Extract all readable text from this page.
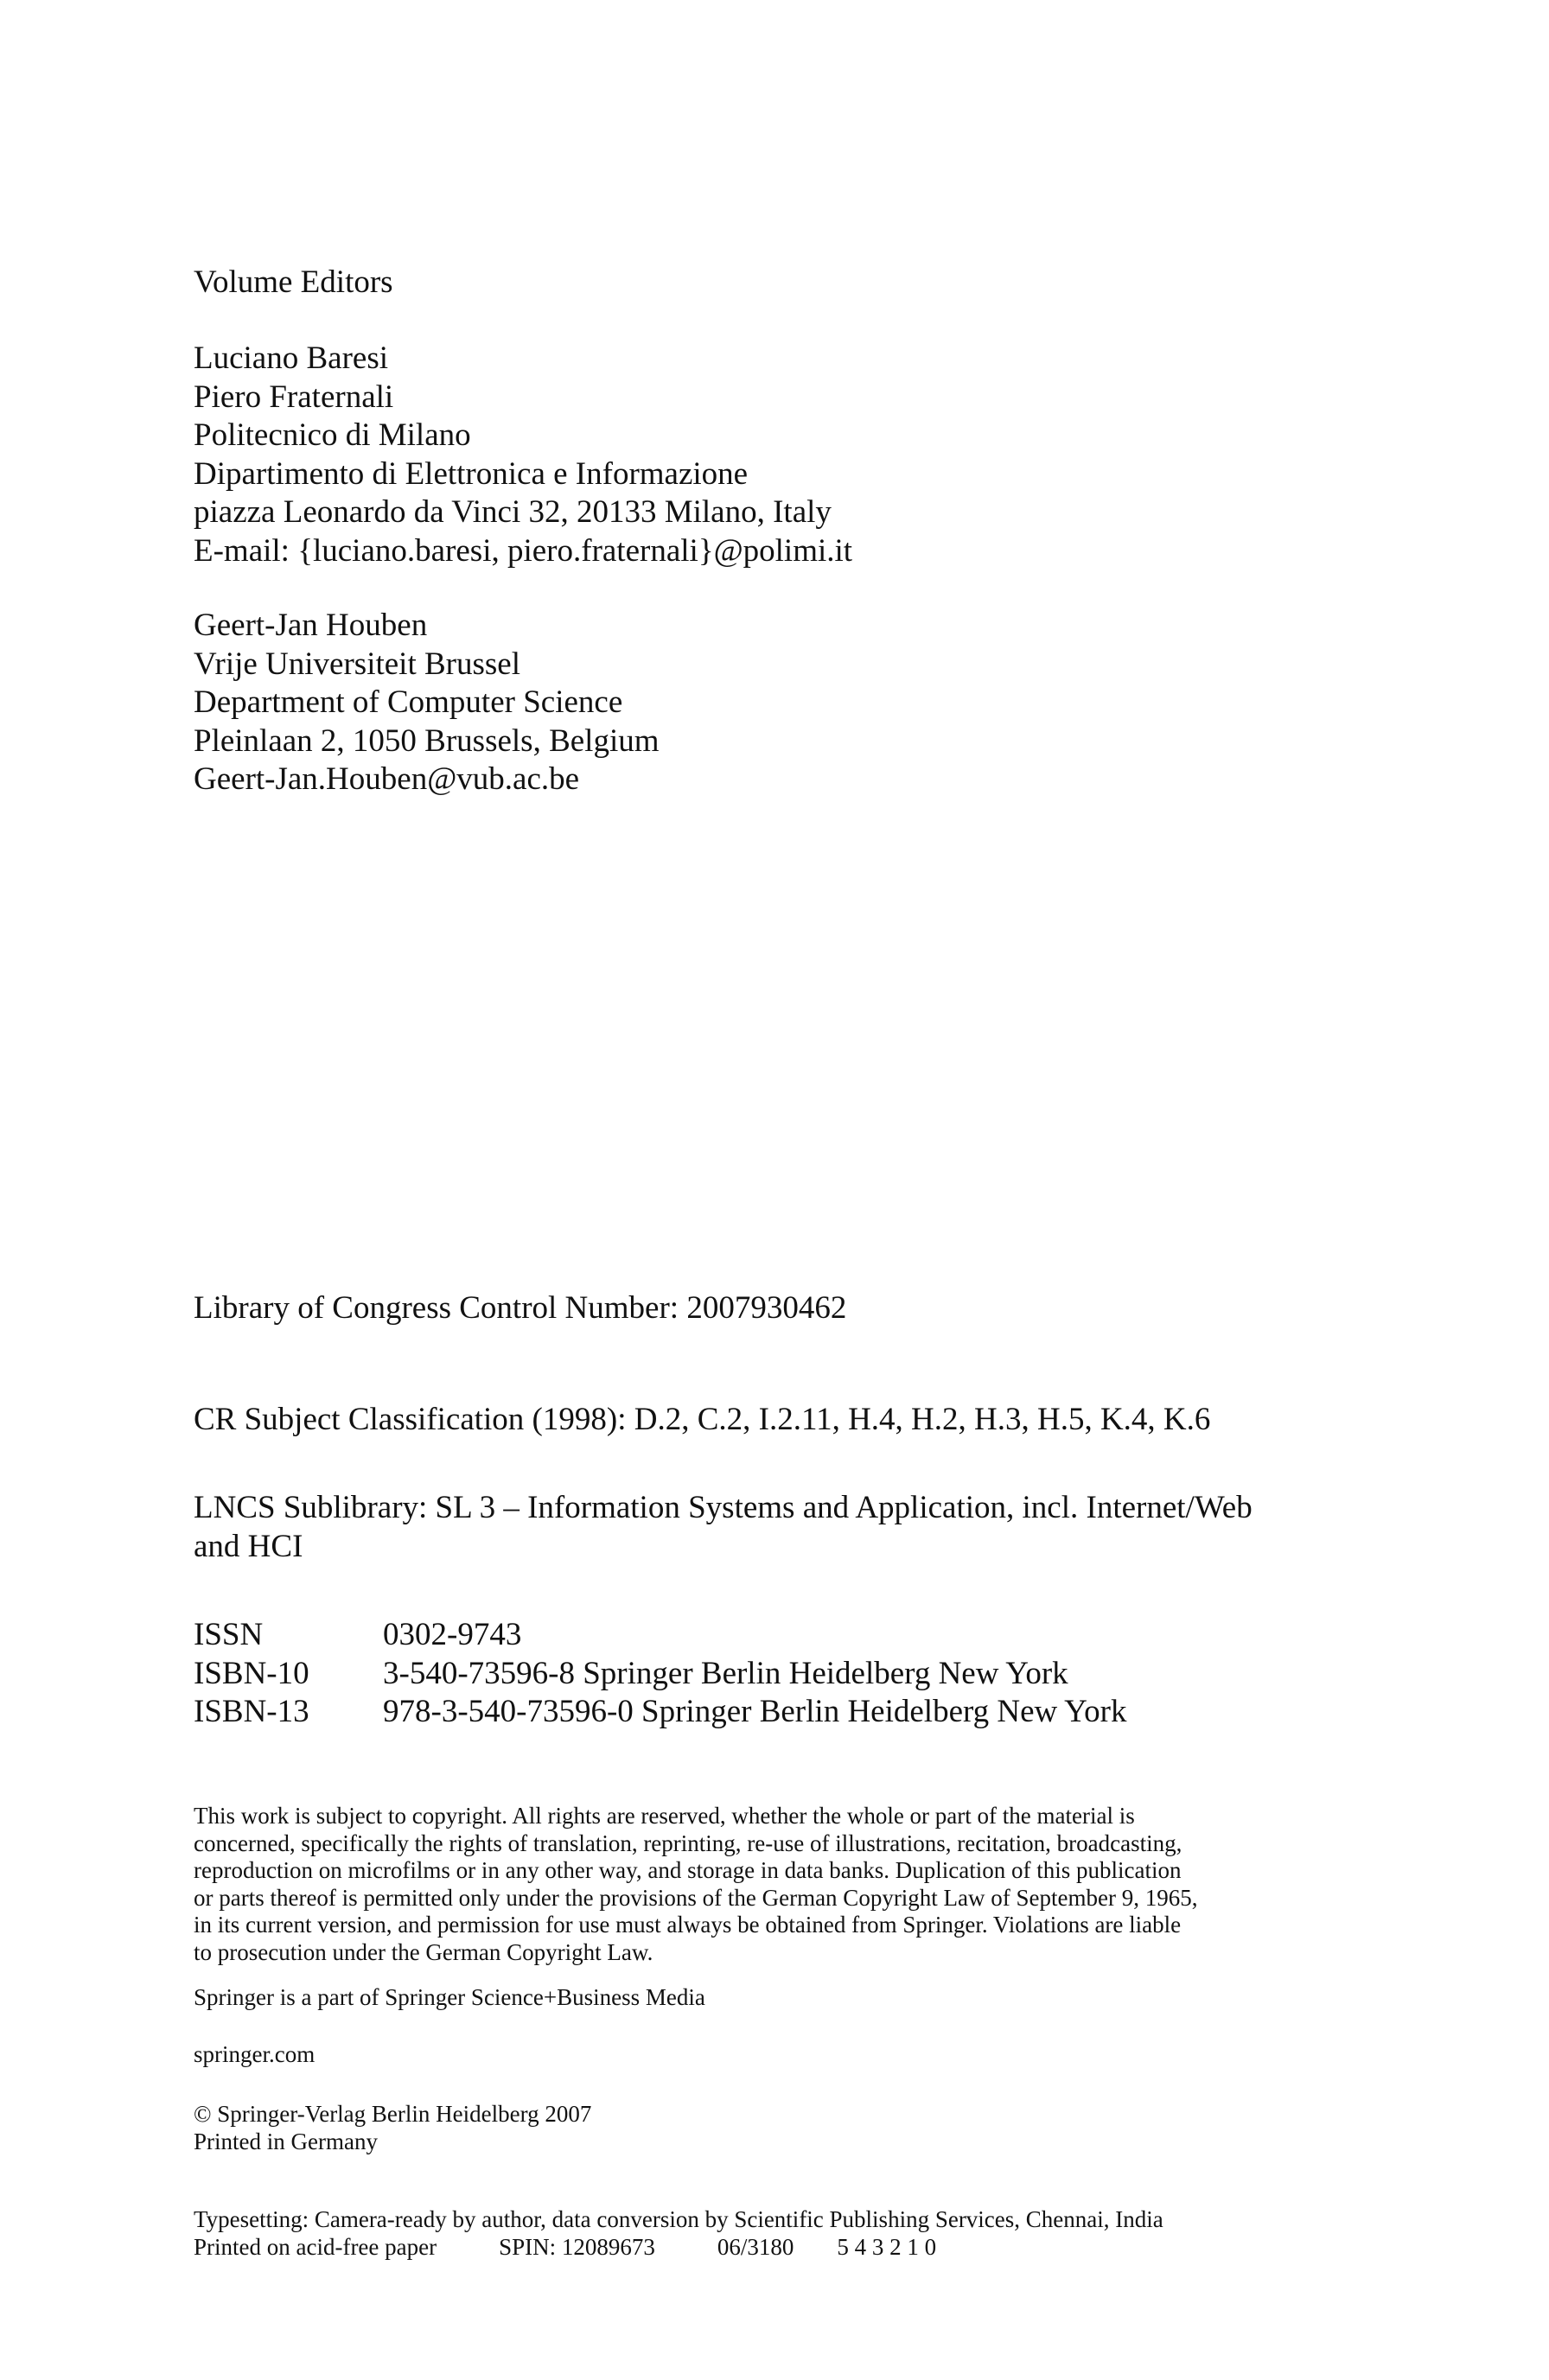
Volume Editors
Luciano Baresi
Piero Fraternali
Politecnico di Milano
Dipartimento di Elettronica e Informazione
piazza Leonardo da Vinci 32, 20133 Milano, Italy
E-mail: {luciano.baresi, piero.fraternali}@polimi.it
Geert-Jan Houben
Vrije Universiteit Brussel
Department of Computer Science
Pleinlaan 2, 1050 Brussels, Belgium
Geert-Jan.Houben@vub.ac.be
Library of Congress Control Number: 2007930462
CR Subject Classification (1998): D.2, C.2, I.2.11, H.4, H.2, H.3, H.5, K.4, K.6
LNCS Sublibrary: SL 3 – Information Systems and Application, incl. Internet/Web
and HCI
ISSN	0302-9743
ISBN-10 3-540-73596-8 Springer Berlin Heidelberg New York
ISBN-13 978-3-540-73596-0 Springer Berlin Heidelberg New York
This work is subject to copyright. All rights are reserved, whether the whole or part of the material is
concerned, specifically the rights of translation, reprinting, re-use of illustrations, recitation, broadcasting,
reproduction on microfilms or in any other way, and storage in data banks. Duplication of this publication
or parts thereof is permitted only under the provisions of the German Copyright Law of September 9, 1965,
in its current version, and permission for use must always be obtained from Springer. Violations are liable
to prosecution under the German Copyright Law.
Springer is a part of Springer Science+Business Media
springer.com
© Springer-Verlag Berlin Heidelberg 2007
Printed in Germany
Typesetting: Camera-ready by author, data conversion by Scientific Publishing Services, Chennai, India
Printed on acid-free paper	SPIN: 12089673	06/3180 5 4 3 2 1 0
